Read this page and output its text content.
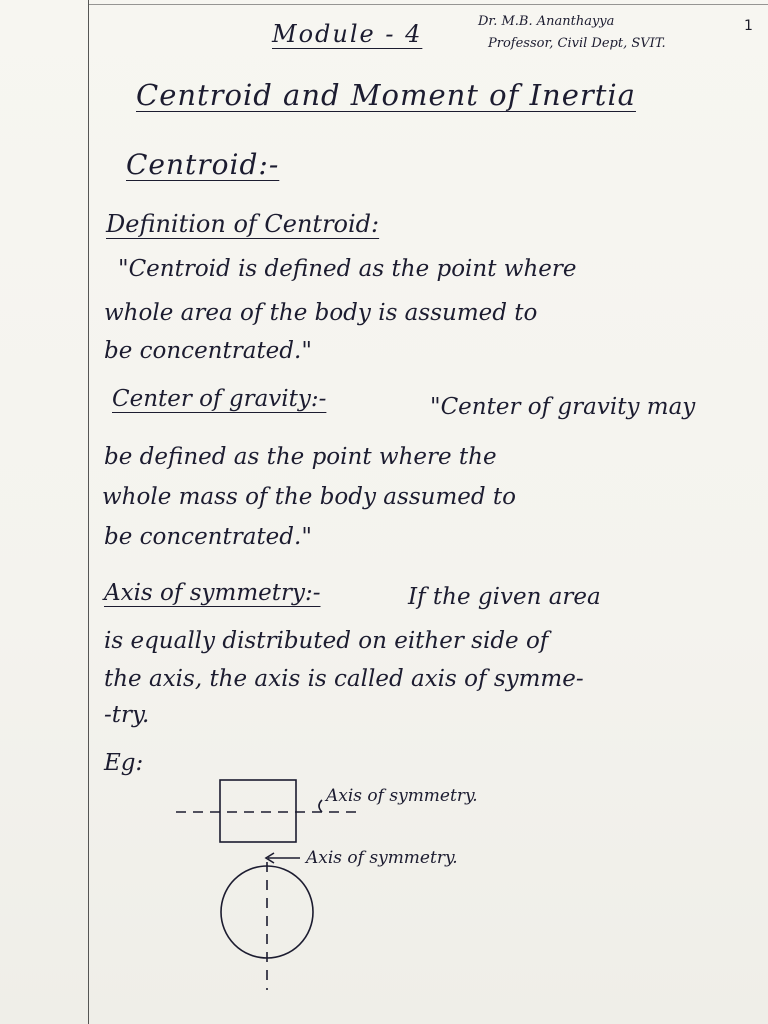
1
Module - 4	Dr. M.B. Ananthayya
Professor, Civil Dept, SVIT.
Centroid and Moment of Inertia
Centroid:-
Definition of Centroid:
"Centroid is defined as the point where
whole area of the body is assumed to
be concentrated."
Center of gravity:-	"Center of gravity may
be defined as the point where the
whole mass of the body assumed to
be concentrated."
Axis of symmetry:-	If the given area
is equally distributed on either side of
the axis, the axis is called axis of symme-
-try.
Eg:
Axis of symmetry.
Axis of symmetry.
